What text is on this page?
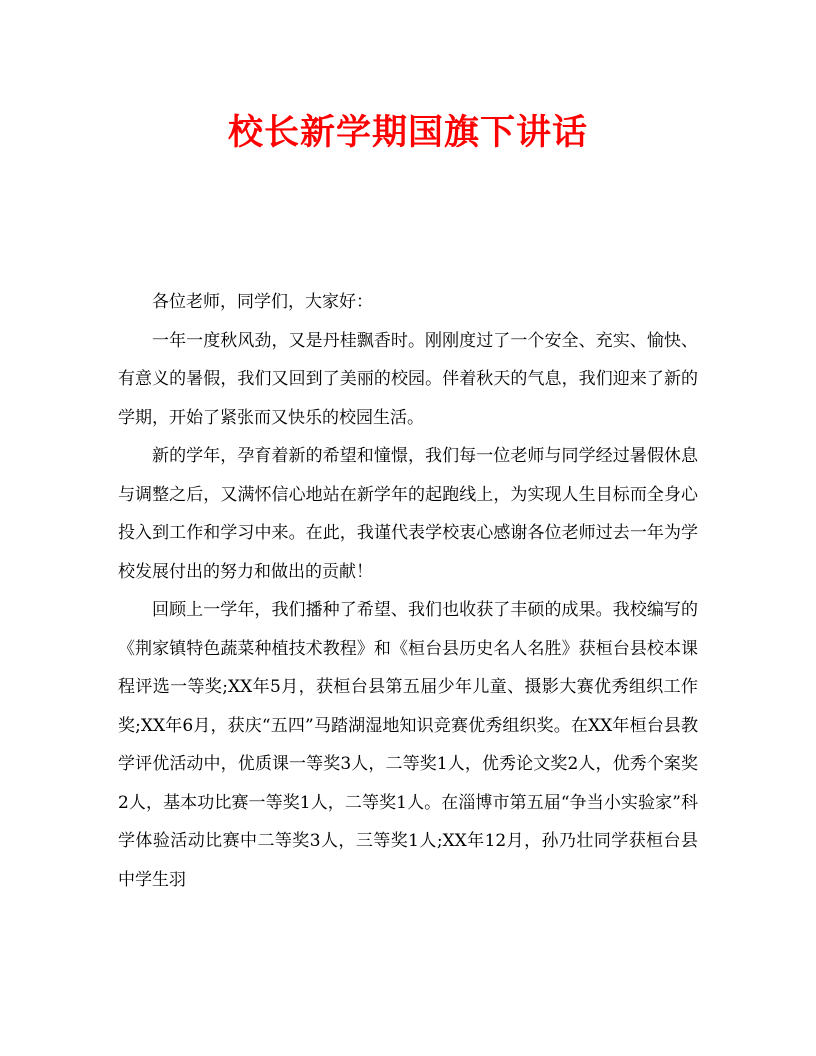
校长新学期国旗下讲话

各位老师，同学们，大家好：

一年一度秋风劲，又是丹桂飘香时。刚刚度过了一个安全、充实、愉快、有意义的暑假，我们又回到了美丽的校园。伴着秋天的气息，我们迎来了新的学期，开始了紧张而又快乐的校园生活。

新的学年，孕育着新的希望和憧憬，我们每一位老师与同学经过暑假休息与调整之后，又满怀信心地站在新学年的起跑线上，为实现人生目标而全身心投入到工作和学习中来。在此，我谨代表学校衷心感谢各位老师过去一年为学校发展付出的努力和做出的贡献！

回顾上一学年，我们播种了希望、我们也收获了丰硕的成果。我校编写的《荆家镇特色蔬菜种植技术教程》和《桓台县历史名人名胜》获桓台县校本课程评选一等奖;XX年5月，获桓台县第五届少年儿童、摄影大赛优秀组织工作奖;XX年6月，获庆“五四”马踏湖湿地知识竞赛优秀组织奖。在XX年桓台县教学评优活动中，优质课一等奖3人，二等奖1人，优秀论文奖2人，优秀个案奖2人，基本功比赛一等奖1人，二等奖1人。在淄博市第五届“争当小实验家”科学体验活动比赛中二等奖3人，三等奖1人;XX年12月，孙乃壮同学获桓台县中学生羽
